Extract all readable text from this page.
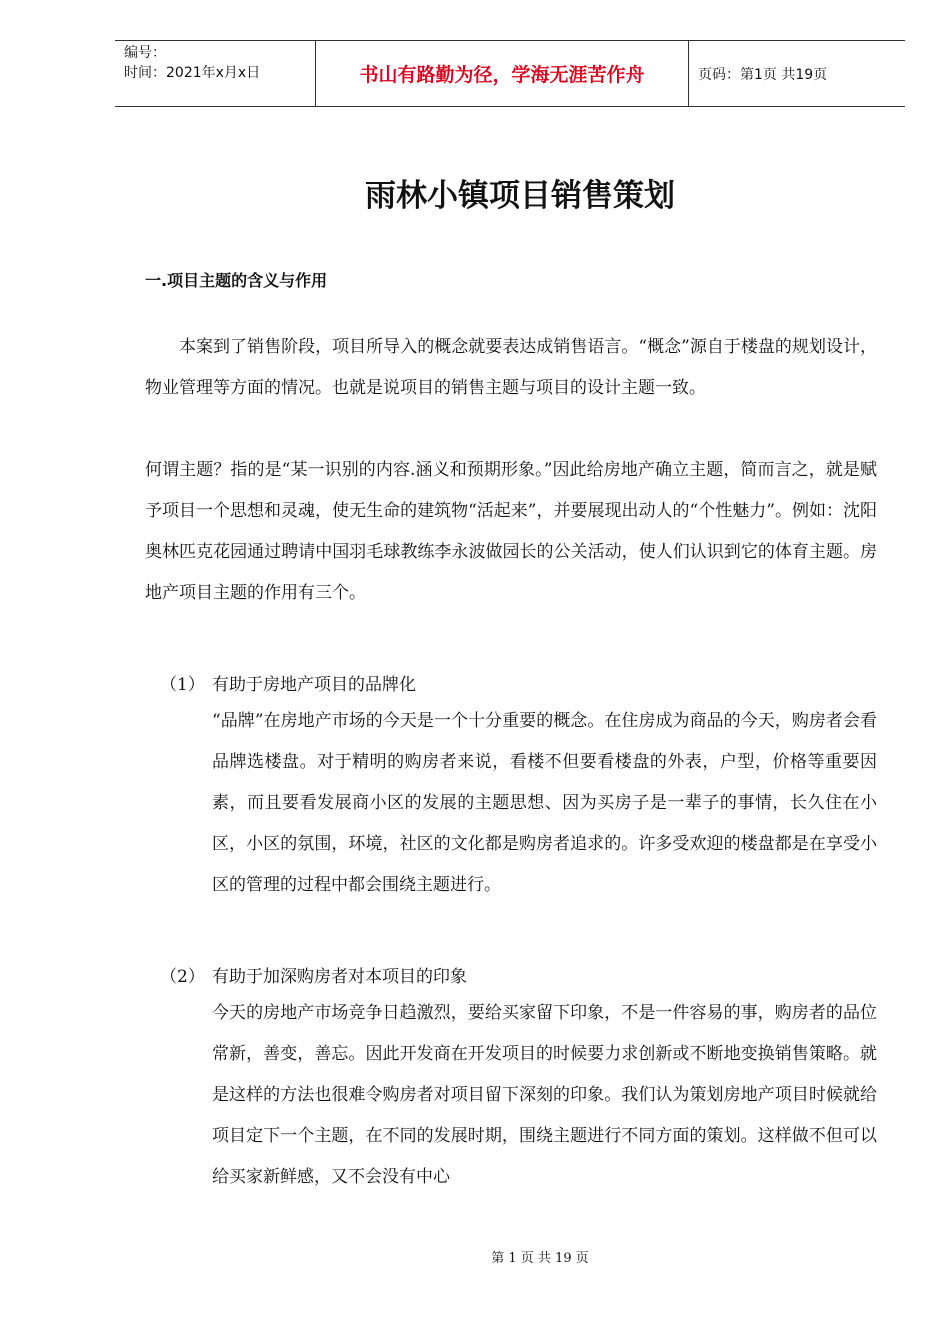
编号：
时间：2021年x月x日	书山有路勤为径，学海无涯苦作舟	页码：第1页 共19页
雨林小镇项目销售策划
一.项目主题的含义与作用

本案到了销售阶段，项目所导入的概念就要表达成销售语言。“概念”源自于楼盘的规划设计，物业管理等方面的情况。也就是说项目的销售主题与项目的设计主题一致。

何谓主题？指的是“某一识别的内容.涵义和预期形象。”因此给房地产确立主题，简而言之，就是赋予项目一个思想和灵魂，使无生命的建筑物“活起来”，并要展现出动人的“个性魅力”。例如：沈阳奥林匹克花园通过聘请中国羽毛球教练李永波做园长的公关活动，使人们认识到它的体育主题。房地产项目主题的作用有三个。

（1） 有助于房地产项目的品牌化

“品牌”在房地产市场的今天是一个十分重要的概念。在住房成为商品的今天，购房者会看品牌选楼盘。对于精明的购房者来说，看楼不但要看楼盘的外表，户型，价格等重要因素，而且要看发展商小区的发展的主题思想、因为买房子是一辈子的事情，长久住在小区，小区的氛围，环境，社区的文化都是购房者追求的。许多受欢迎的楼盘都是在享受小区的管理的过程中都会围绕主题进行。

（2） 有助于加深购房者对本项目的印象

今天的房地产市场竞争日趋激烈，要给买家留下印象，不是一件容易的事，购房者的品位常新，善变，善忘。因此开发商在开发项目的时候要力求创新或不断地变换销售策略。就是这样的方法也很难令购房者对项目留下深刻的印象。我们认为策划房地产项目时候就给项目定下一个主题，在不同的发展时期，围绕主题进行不同方面的策划。这样做不但可以给买家新鲜感，又不会没有中心

第 1 页 共 19 页
